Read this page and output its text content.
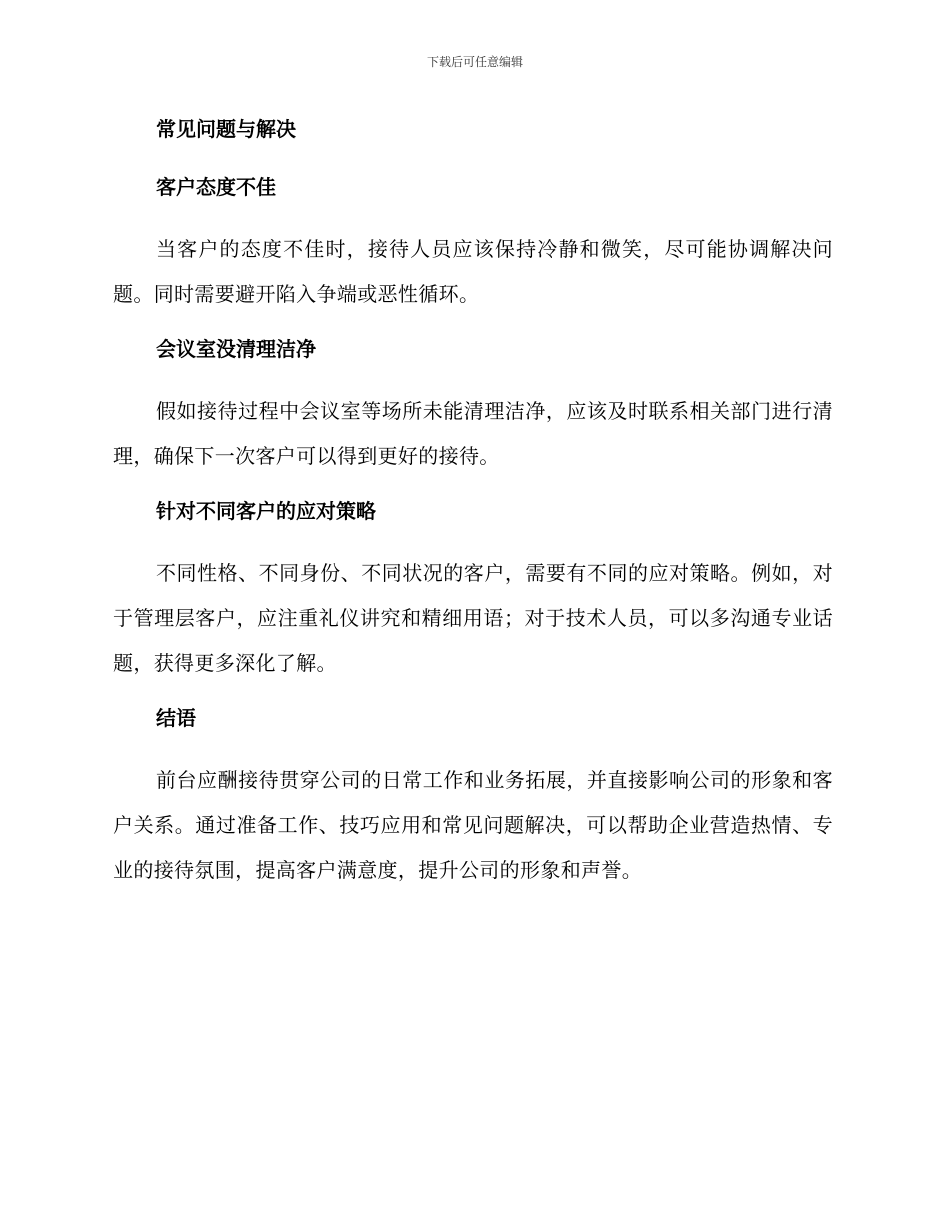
下载后可任意编辑
常见问题与解决
客户态度不佳

当客户的态度不佳时，接待人员应该保持冷静和微笑，尽可能协调解决问题。同时需要避开陷入争端或恶性循环。

会议室没清理洁净

假如接待过程中会议室等场所未能清理洁净，应该及时联系相关部门进行清理，确保下一次客户可以得到更好的接待。

针对不同客户的应对策略

不同性格、不同身份、不同状况的客户，需要有不同的应对策略。例如，对于管理层客户，应注重礼仪讲究和精细用语；对于技术人员，可以多沟通专业话题，获得更多深化了解。

结语

前台应酬接待贯穿公司的日常工作和业务拓展，并直接影响公司的形象和客户关系。通过准备工作、技巧应用和常见问题解决，可以帮助企业营造热情、专业的接待氛围，提高客户满意度，提升公司的形象和声誉。
